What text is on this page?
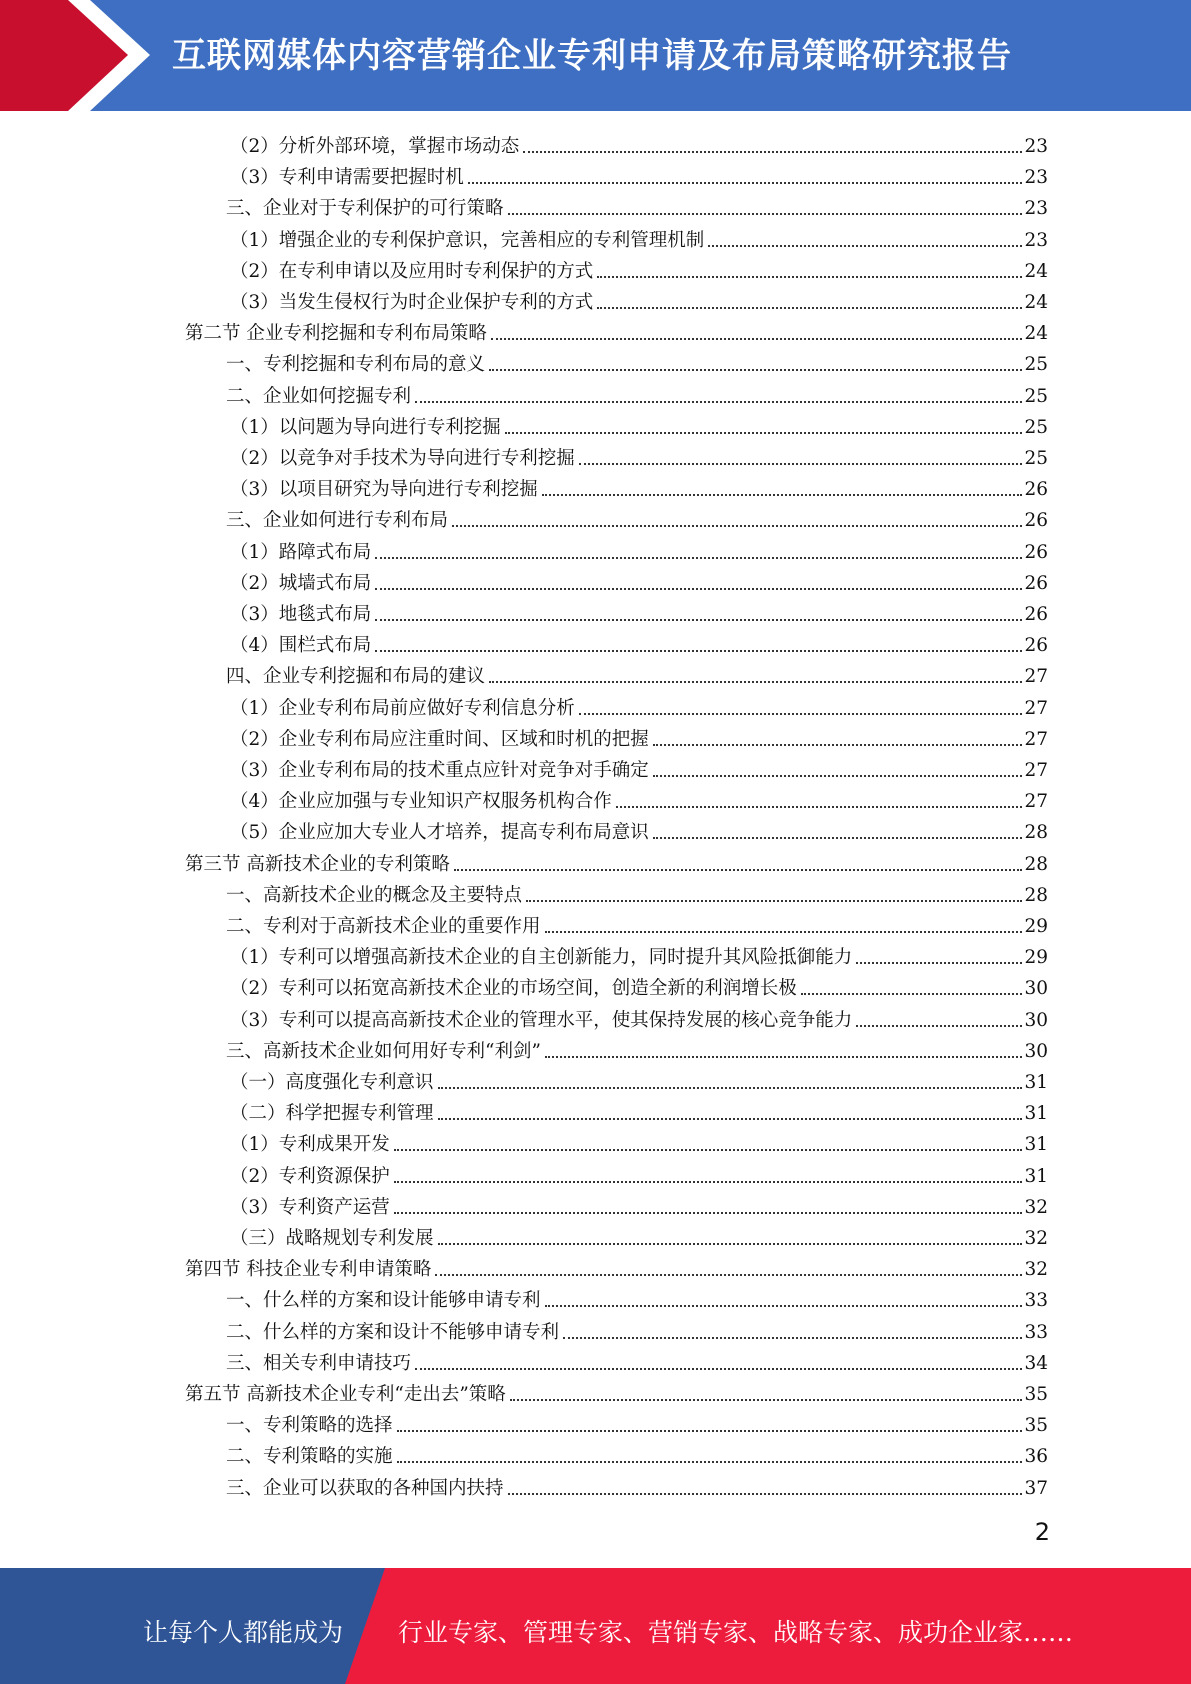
互联网媒体内容营销企业专利申请及布局策略研究报告
（2）分析外部环境，掌握市场动态	23
（3）专利申请需要把握时机	23
三、企业对于专利保护的可行策略	23
（1）增强企业的专利保护意识，完善相应的专利管理机制	23
（2）在专利申请以及应用时专利保护的方式	24
（3）当发生侵权行为时企业保护专利的方式	24
第二节 企业专利挖掘和专利布局策略	24
一、专利挖掘和专利布局的意义	25
二、企业如何挖掘专利	25
（1）以问题为导向进行专利挖掘	25
（2）以竞争对手技术为导向进行专利挖掘	25
（3）以项目研究为导向进行专利挖掘	26
三、企业如何进行专利布局	26
（1）路障式布局	26
（2）城墙式布局	26
（3）地毯式布局	26
（4）围栏式布局	26
四、企业专利挖掘和布局的建议	27
（1）企业专利布局前应做好专利信息分析	27
（2）企业专利布局应注重时间、区域和时机的把握	27
（3）企业专利布局的技术重点应针对竞争对手确定	27
（4）企业应加强与专业知识产权服务机构合作	27
（5）企业应加大专业人才培养，提高专利布局意识	28
第三节 高新技术企业的专利策略	28
一、高新技术企业的概念及主要特点	28
二、专利对于高新技术企业的重要作用	29
（1）专利可以增强高新技术企业的自主创新能力，同时提升其风险抵御能力	29
（2）专利可以拓宽高新技术企业的市场空间，创造全新的利润增长极	30
（3）专利可以提高高新技术企业的管理水平，使其保持发展的核心竞争能力	30
三、高新技术企业如何用好专利“利剑”	30
（一）高度强化专利意识	31
（二）科学把握专利管理	31
（1）专利成果开发	31
（2）专利资源保护	31
（3）专利资产运营	32
（三）战略规划专利发展	32
第四节 科技企业专利申请策略	32
一、什么样的方案和设计能够申请专利	33
二、什么样的方案和设计不能够申请专利	33
三、相关专利申请技巧	34
第五节 高新技术企业专利“走出去”策略	35
一、专利策略的选择	35
二、专利策略的实施	36
三、企业可以获取的各种国内扶持	37
2
让每个人都能成为 行业专家、管理专家、营销专家、战略专家、成功企业家……
